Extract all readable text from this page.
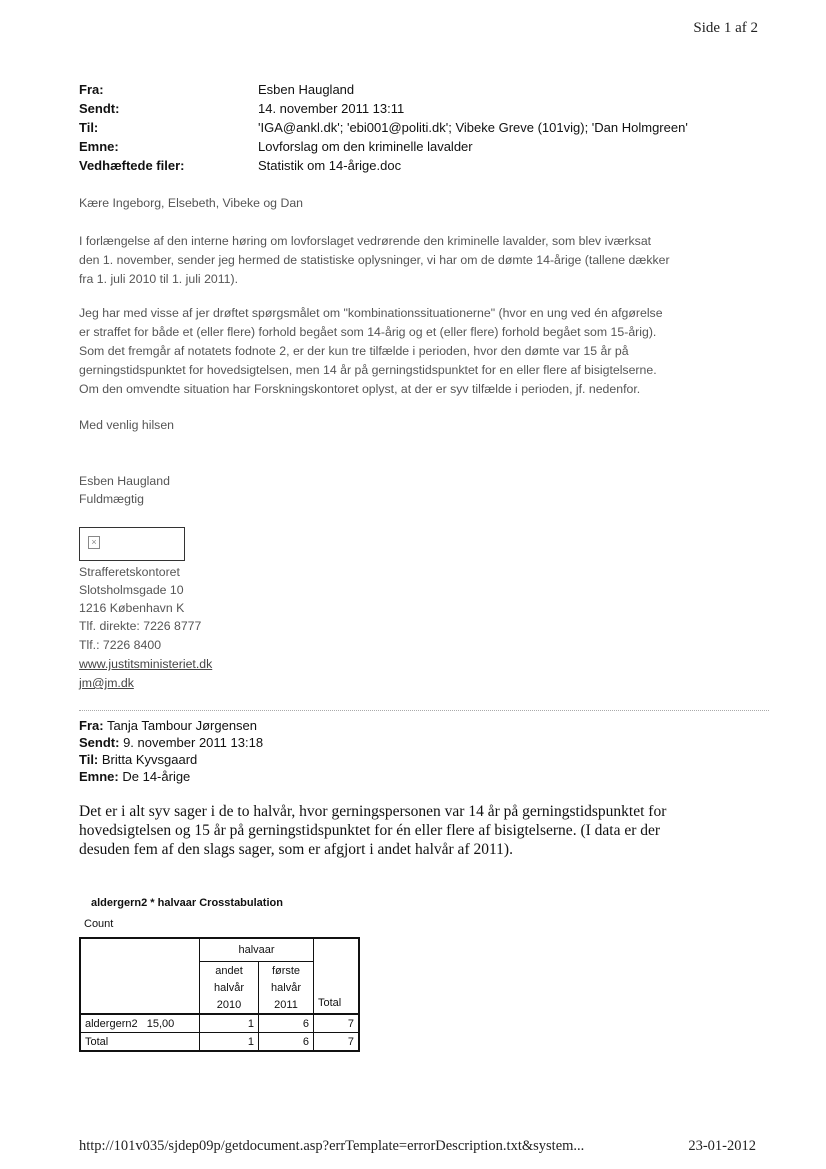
Side 1 af 2
Fra:	Esben Haugland
Sendt:	14. november 2011 13:11
Til:	'IGA@ankl.dk'; 'ebi001@politi.dk'; Vibeke Greve (101vig); 'Dan Holmgreen'
Emne:	Lovforslag om den kriminelle lavalder
Vedhæftede filer:	Statistik om 14-årige.doc
Kære Ingeborg, Elsebeth, Vibeke og Dan
I forlængelse af den interne høring om lovforslaget vedrørende den kriminelle lavalder, som blev iværksat
den 1. november, sender jeg hermed de statistiske oplysninger, vi har om de dømte 14-årige (tallene dækker
fra 1. juli 2010 til 1. juli 2011).
Jeg har med visse af jer drøftet spørgsmålet om "kombinationssituationerne" (hvor en ung ved én afgørelse
er straffet for både et (eller flere) forhold begået som 14-årig og et (eller flere) forhold begået som 15-årig).
Som det fremgår af notatets fodnote 2, er der kun tre tilfælde i perioden, hvor den dømte var 15 år på
gerningstidspunktet for hovedsigtelsen, men 14 år på gerningstidspunktet for en eller flere af bisigtelserne.
Om den omvendte situation har Forskningskontoret oplyst, at der er syv tilfælde i perioden, jf. nedenfor.
Med venlig hilsen
Esben Haugland
Fuldmægtig
×
Strafferetskontoret
Slotsholmsgade 10
1216 København K
Tlf. direkte: 7226 8777
Tlf.: 7226 8400
www.justitsministeriet.dk
jm@jm.dk
Fra: Tanja Tambour Jørgensen
Sendt: 9. november 2011 13:18
Til: Britta Kyvsgaard
Emne: De 14-årige
Det er i alt syv sager i de to halvår, hvor gerningspersonen var 14 år på gerningstidspunktet for
hovedsigtelsen og 15 år på gerningstidspunktet for én eller flere af bisigtelserne. (I data er der
desuden fem af den slags sager, som er afgjort i andet halvår af 2011).
aldergern2 * halvaar Crosstabulation
Count
	halvaar		Total
	andet	første	
	halvår	halvår	
	2010	2011	
aldergern2 15,00	1	6	7
Total	1	6	7
http://101v035/sjdep09p/getdocument.asp?errTemplate=errorDescription.txt&system...	23-01-2012
